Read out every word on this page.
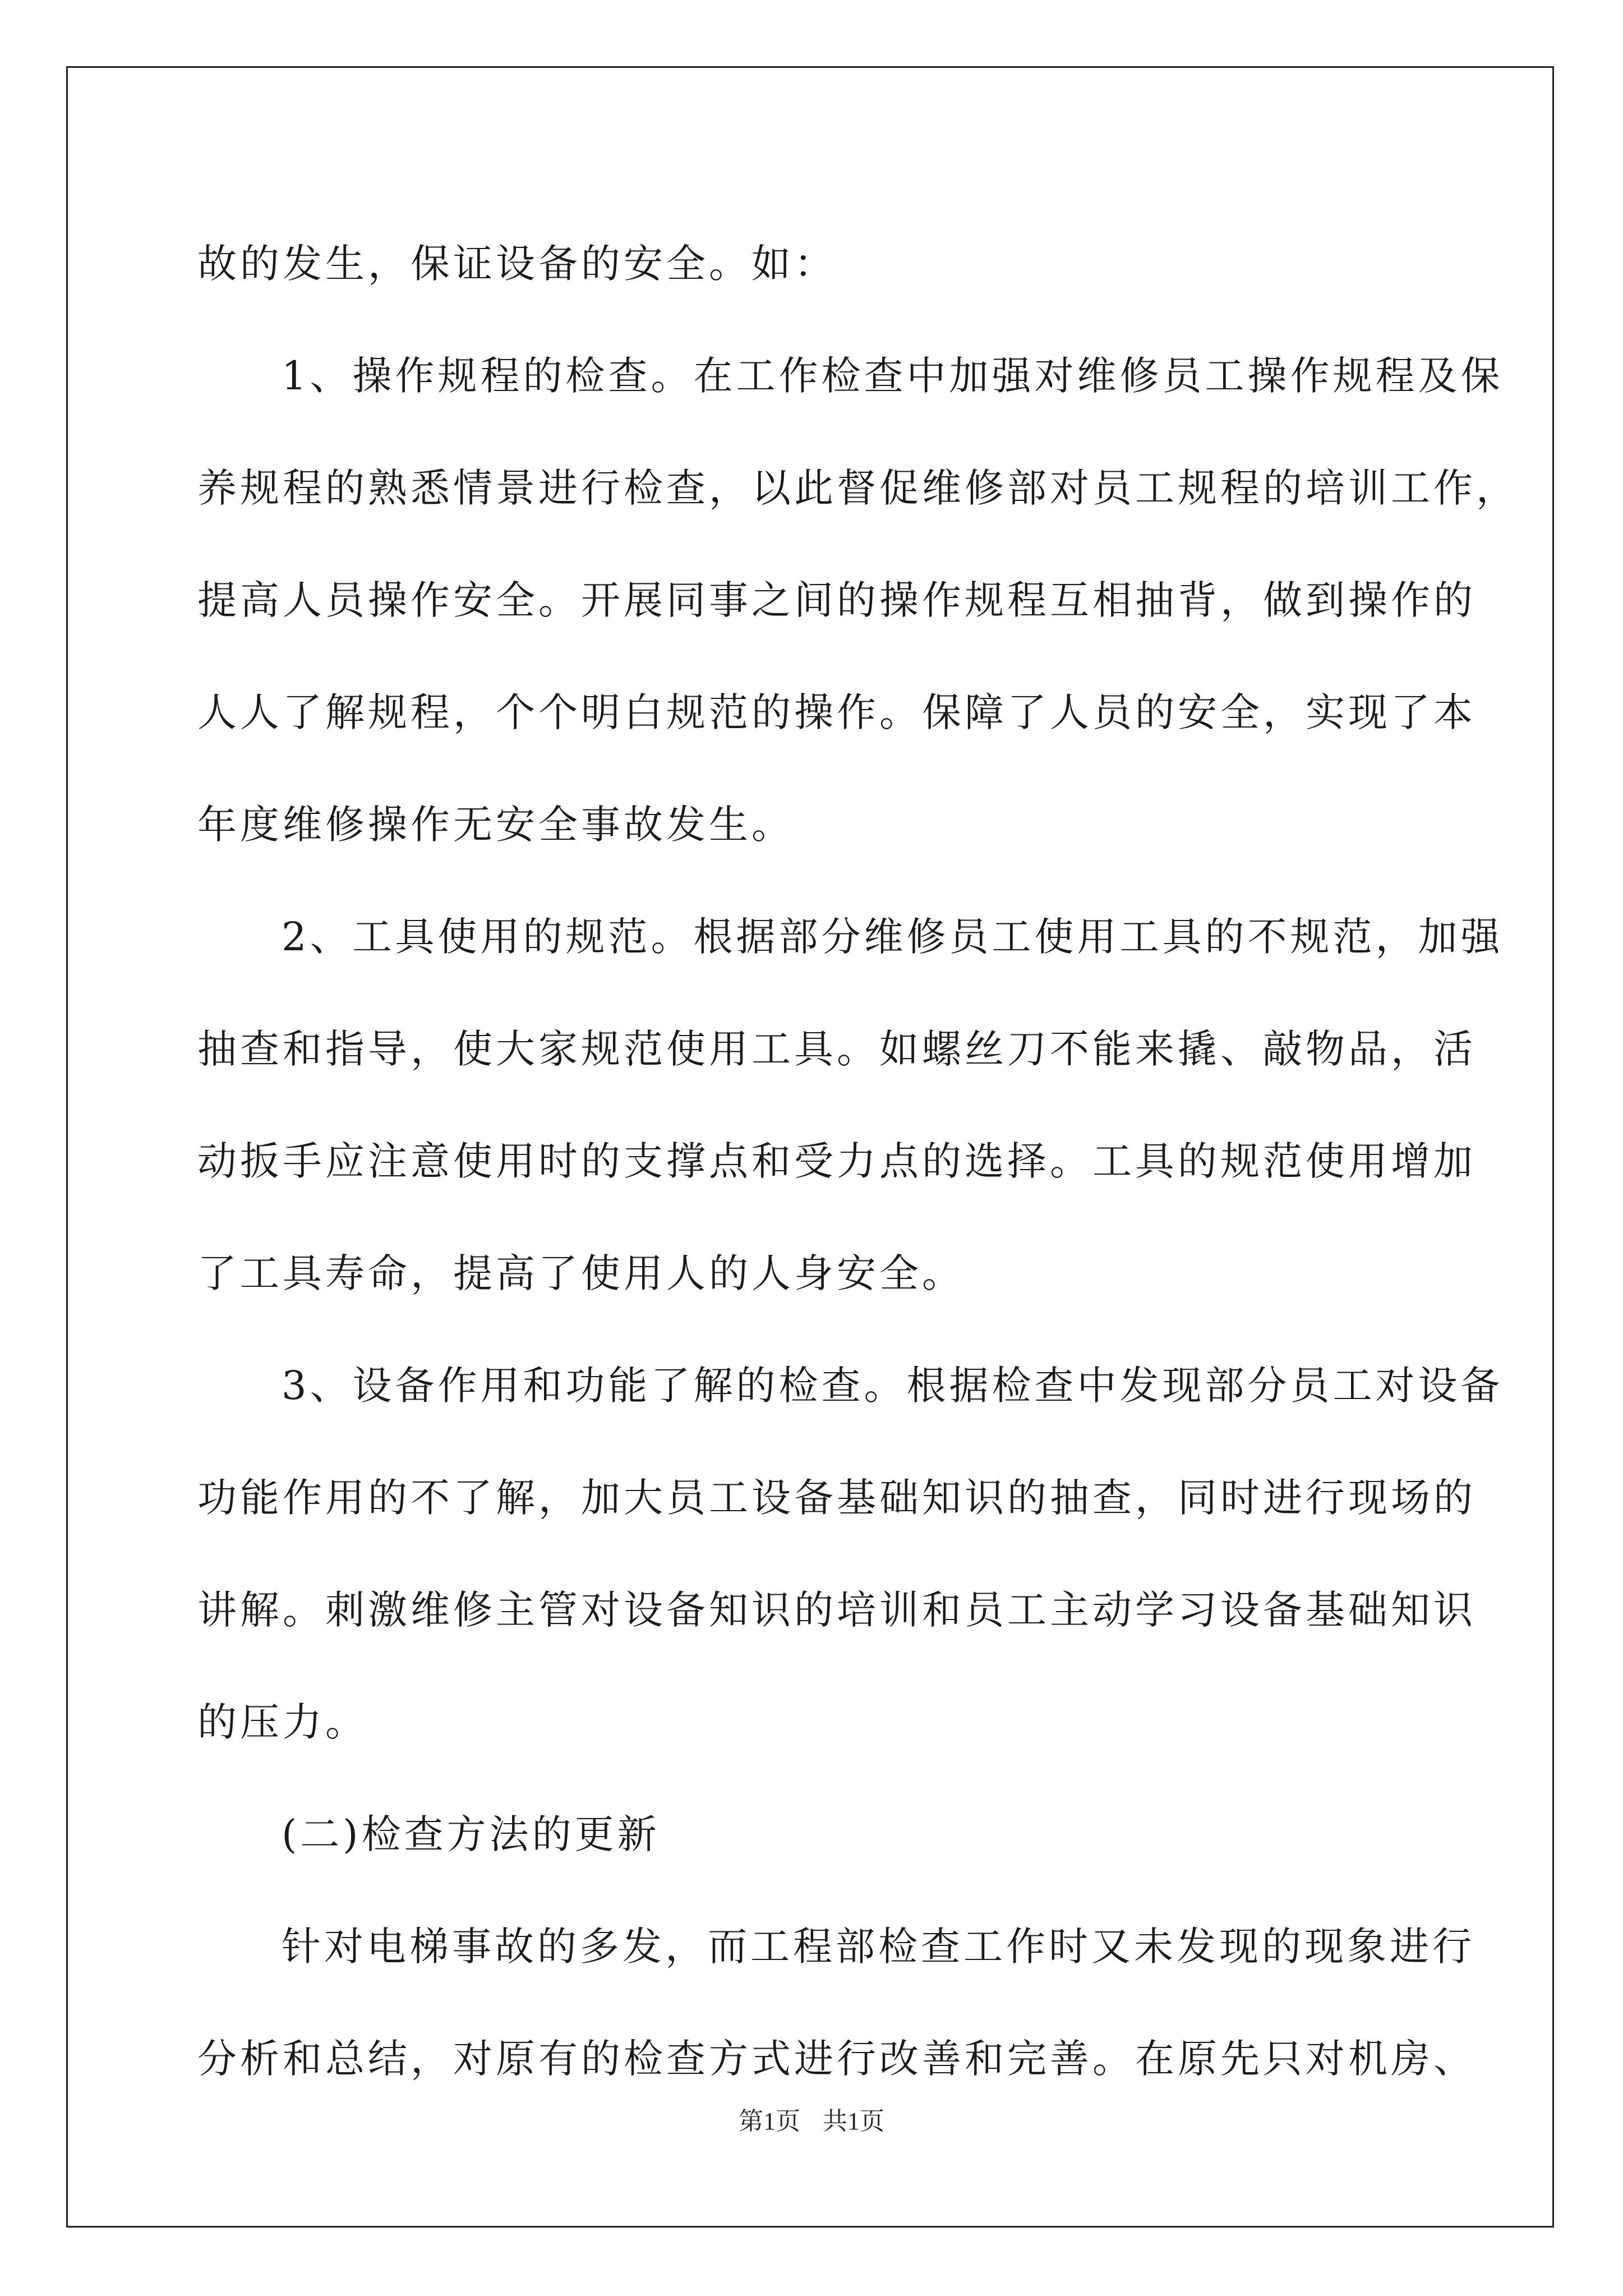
故的发生，保证设备的安全。如：
1、操作规程的检查。在工作检查中加强对维修员工操作规程及保
养规程的熟悉情景进行检查，以此督促维修部对员工规程的培训工作，
提高人员操作安全。开展同事之间的操作规程互相抽背，做到操作的
人人了解规程，个个明白规范的操作。保障了人员的安全，实现了本
年度维修操作无安全事故发生。
2、工具使用的规范。根据部分维修员工使用工具的不规范，加强
抽查和指导，使大家规范使用工具。如螺丝刀不能来撬、敲物品，活
动扳手应注意使用时的支撑点和受力点的选择。工具的规范使用增加
了工具寿命，提高了使用人的人身安全。
3、设备作用和功能了解的检查。根据检查中发现部分员工对设备
功能作用的不了解，加大员工设备基础知识的抽查，同时进行现场的
讲解。刺激维修主管对设备知识的培训和员工主动学习设备基础知识
的压力。
(二)检查方法的更新
针对电梯事故的多发，而工程部检查工作时又未发现的现象进行
分析和总结，对原有的检查方式进行改善和完善。在原先只对机房、
第1页 共1页
